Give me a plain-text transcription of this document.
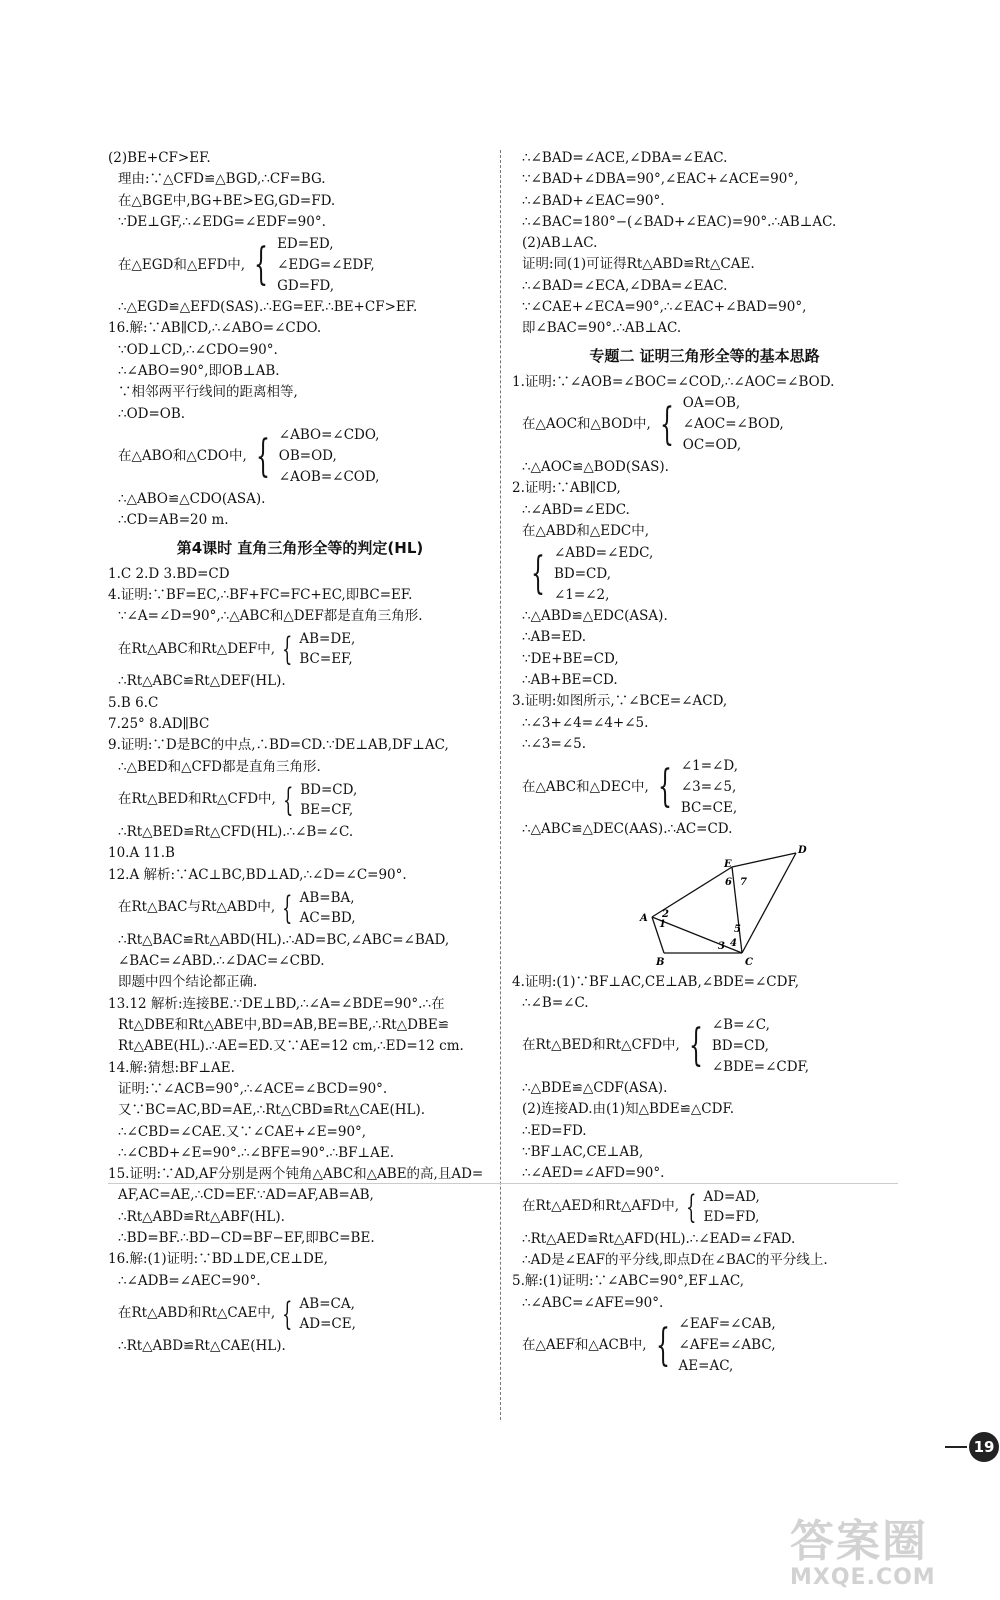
(2)BE+CF>EF.
理由:∵△CFD≌△BGD,∴CF=BG.
在△BGE中,BG+BE>EG,GD=FD.
∵DE⊥GF,∴∠EDG=∠EDF=90°.
在△EGD和△EFD中, { ED=ED,
∠EDG=∠EDF,
GD=FD,
∴△EGD≌△EFD(SAS).∴EG=EF.∴BE+CF>EF.
16.解:∵AB∥CD,∴∠ABO=∠CDO.
∵OD⊥CD,∴∠CDO=90°.
∴∠ABO=90°,即OB⊥AB.
∵相邻两平行线间的距离相等,
∴OD=OB.
在△ABO和△CDO中, { ∠ABO=∠CDO,
OB=OD,
∠AOB=∠COD,
∴△ABO≌△CDO(ASA).
∴CD=AB=20 m.
第4课时 直角三角形全等的判定(HL)
1.C 2.D 3.BD=CD
4.证明:∵BF=EC,∴BF+FC=FC+EC,即BC=EF.
∵∠A=∠D=90°,∴△ABC和△DEF都是直角三角形.
在Rt△ABC和Rt△DEF中, { AB=DE,
BC=EF,
∴Rt△ABC≌Rt△DEF(HL).
5.B 6.C
7.25° 8.AD∥BC
9.证明:∵D是BC的中点,∴BD=CD.∵DE⊥AB,DF⊥AC,
∴△BED和△CFD都是直角三角形.
在Rt△BED和Rt△CFD中, { BD=CD,
BE=CF,
∴Rt△BED≌Rt△CFD(HL).∴∠B=∠C.
10.A 11.B
12.A 解析:∵AC⊥BC,BD⊥AD,∴∠D=∠C=90°.
在Rt△BAC与Rt△ABD中, { AB=BA,
AC=BD,
∴Rt△BAC≌Rt△ABD(HL).∴AD=BC,∠ABC=∠BAD,
∠BAC=∠ABD.∴∠DAC=∠CBD.
即题中四个结论都正确.
13.12 解析:连接BE.∵DE⊥BD,∴∠A=∠BDE=90°.∴在
Rt△DBE和Rt△ABE中,BD=AB,BE=BE,∴Rt△DBE≌
Rt△ABE(HL).∴AE=ED.又∵AE=12 cm,∴ED=12 cm.
14.解:猜想:BF⊥AE.
证明:∵∠ACB=90°,∴∠ACE=∠BCD=90°.
又∵BC=AC,BD=AE,∴Rt△CBD≌Rt△CAE(HL).
∴∠CBD=∠CAE.又∵∠CAE+∠E=90°,
∴∠CBD+∠E=90°.∴∠BFE=90°.∴BF⊥AE.
15.证明:∵AD,AF分别是两个钝角△ABC和△ABE的高,且AD=
AF,AC=AE,∴CD=EF.∵AD=AF,AB=AB,
∴Rt△ABD≌Rt△ABF(HL).
∴BD=BF.∴BD−CD=BF−EF,即BC=BE.
16.解:(1)证明:∵BD⊥DE,CE⊥DE,
∴∠ADB=∠AEC=90°.
在Rt△ABD和Rt△CAE中, { AB=CA,
AD=CE,
∴Rt△ABD≌Rt△CAE(HL).
∴∠BAD=∠ACE,∠DBA=∠EAC.
∵∠BAD+∠DBA=90°,∠EAC+∠ACE=90°,
∴∠BAD+∠EAC=90°.
∴∠BAC=180°−(∠BAD+∠EAC)=90°.∴AB⊥AC.
(2)AB⊥AC.
证明:同(1)可证得Rt△ABD≌Rt△CAE.
∴∠BAD=∠ECA,∠DBA=∠EAC.
∵∠CAE+∠ECA=90°,∴∠EAC+∠BAD=90°,
即∠BAC=90°.∴AB⊥AC.
专题二 证明三角形全等的基本思路
1.证明:∵∠AOB=∠BOC=∠COD,∴∠AOC=∠BOD.
在△AOC和△BOD中, { OA=OB,
∠AOC=∠BOD,
OC=OD,
∴△AOC≌△BOD(SAS).
2.证明:∵AB∥CD,
∴∠ABD=∠EDC.
在△ABD和△EDC中,
{ ∠ABD=∠EDC,
BD=CD,
∠1=∠2,
∴△ABD≌△EDC(ASA).
∴AB=ED.
∵DE+BE=CD,
∴AB+BE=CD.
3.证明:如图所示,∵∠BCE=∠ACD,
∴∠3+∠4=∠4+∠5.
∴∠3=∠5.
在△ABC和△DEC中, { ∠1=∠D,
∠3=∠5,
BC=CE,
∴△ABC≌△DEC(AAS).∴AC=CD.
A
B	C
D
E
1
2
3 4
5
6 7
4.证明:(1)∵BF⊥AC,CE⊥AB,∠BDE=∠CDF,
∴∠B=∠C.
在Rt△BED和Rt△CFD中, { ∠B=∠C,
BD=CD,
∠BDE=∠CDF,
∴△BDE≌△CDF(ASA).
(2)连接AD.由(1)知△BDE≌△CDF.
∴ED=FD.
∵BF⊥AC,CE⊥AB,
∴∠AED=∠AFD=90°.
在Rt△AED和Rt△AFD中, { AD=AD,
ED=FD,
∴Rt△AED≌Rt△AFD(HL).∴∠EAD=∠FAD.
∴AD是∠EAF的平分线,即点D在∠BAC的平分线上.
5.解:(1)证明:∵∠ABC=90°,EF⊥AC,
∴∠ABC=∠AFE=90°.
在△AEF和△ACB中, { ∠EAF=∠CAB,
∠AFE=∠ABC,
AE=AC,
19
答案圈
MXQE.COM
